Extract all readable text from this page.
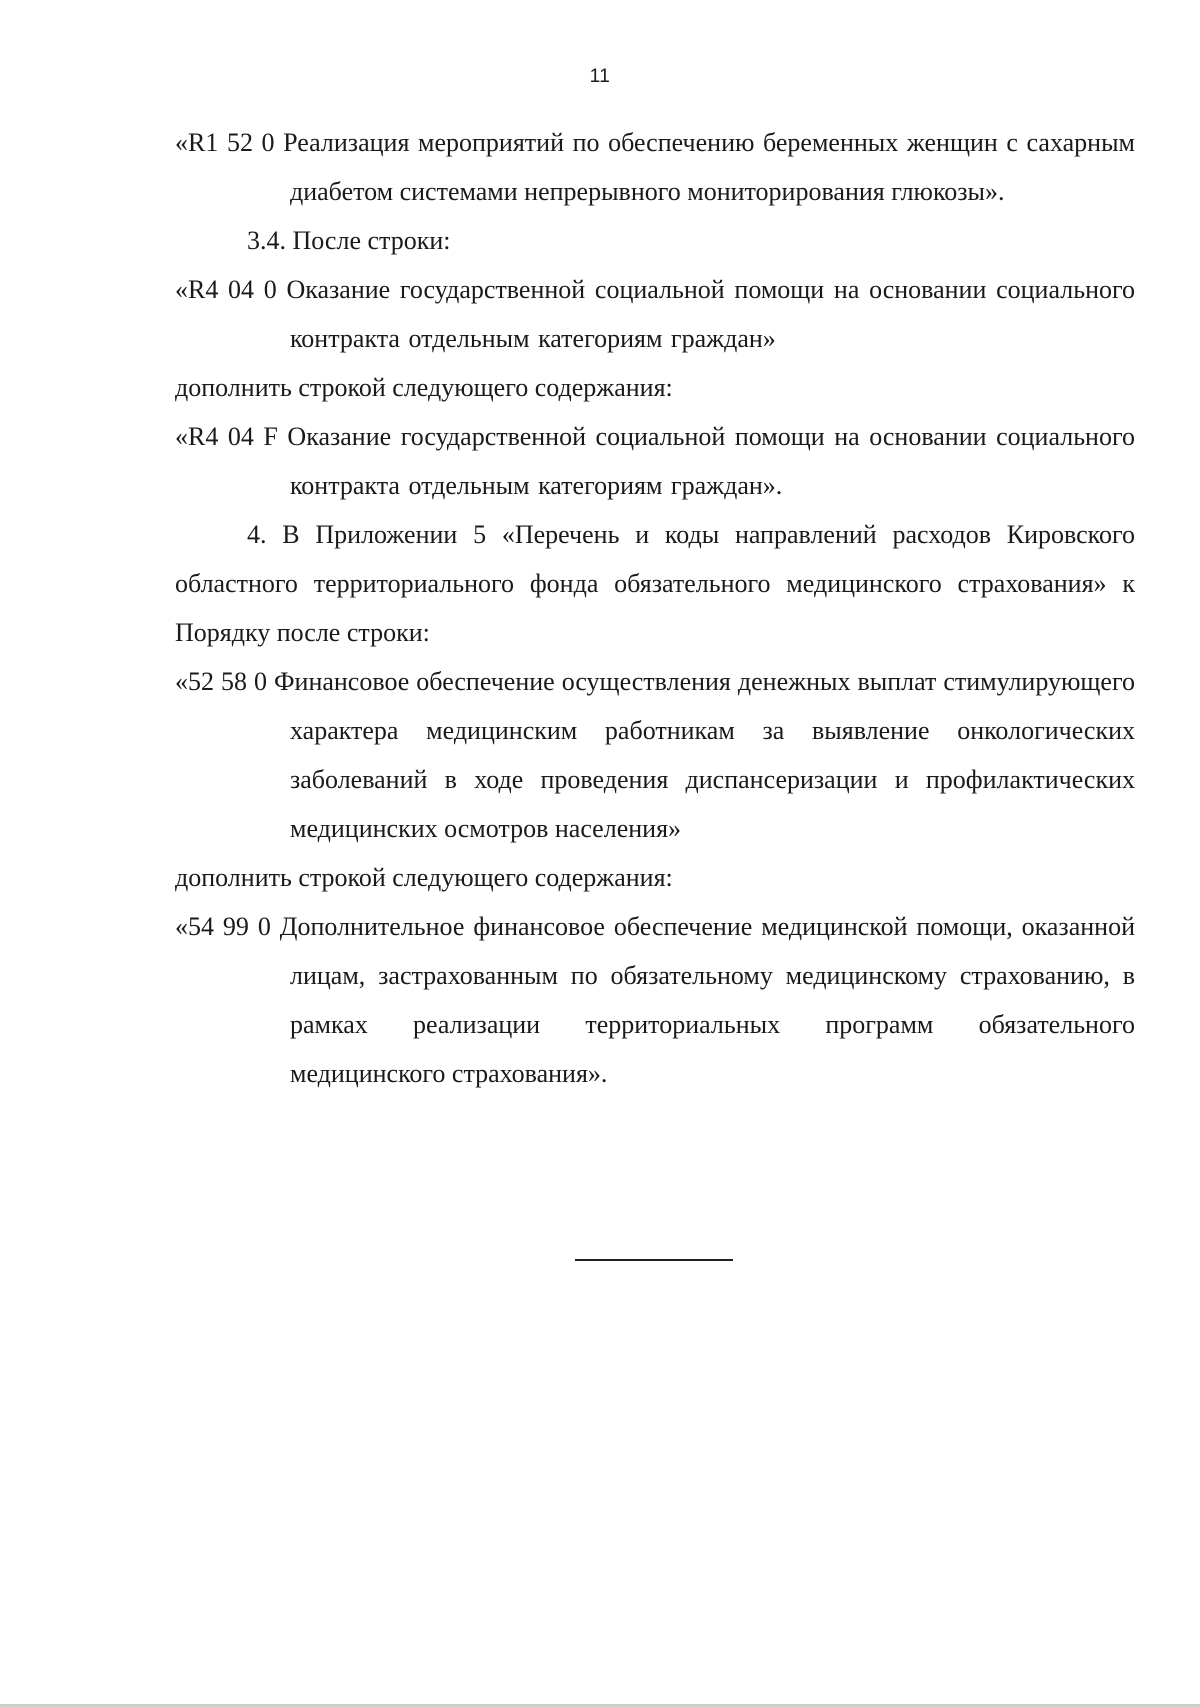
11

«R1 52 0 Реализация мероприятий по обеспечению беременных женщин с сахарным диабетом системами непрерывного мониторирования глюкозы».

3.4. После строки:

«R4 04 0 Оказание государственной социальной помощи на основании социального контракта отдельным категориям граждан»

дополнить строкой следующего содержания:

«R4 04 F Оказание государственной социальной помощи на основании социального контракта отдельным категориям граждан».

4. В Приложении 5 «Перечень и коды направлений расходов Кировского областного территориального фонда обязательного медицинского страхования» к Порядку после строки:

«52 58 0 Финансовое обеспечение осуществления денежных выплат стимулирующего характера медицинским работникам за выявление онкологических заболеваний в ходе проведения диспансеризации и профилактических медицинских осмотров населения»

дополнить строкой следующего содержания:

«54 99 0 Дополнительное финансовое обеспечение медицинской помощи, оказанной лицам, застрахованным по обязательному медицинскому страхованию, в рамках реализации территориальных программ обязательного медицинского страхования».
